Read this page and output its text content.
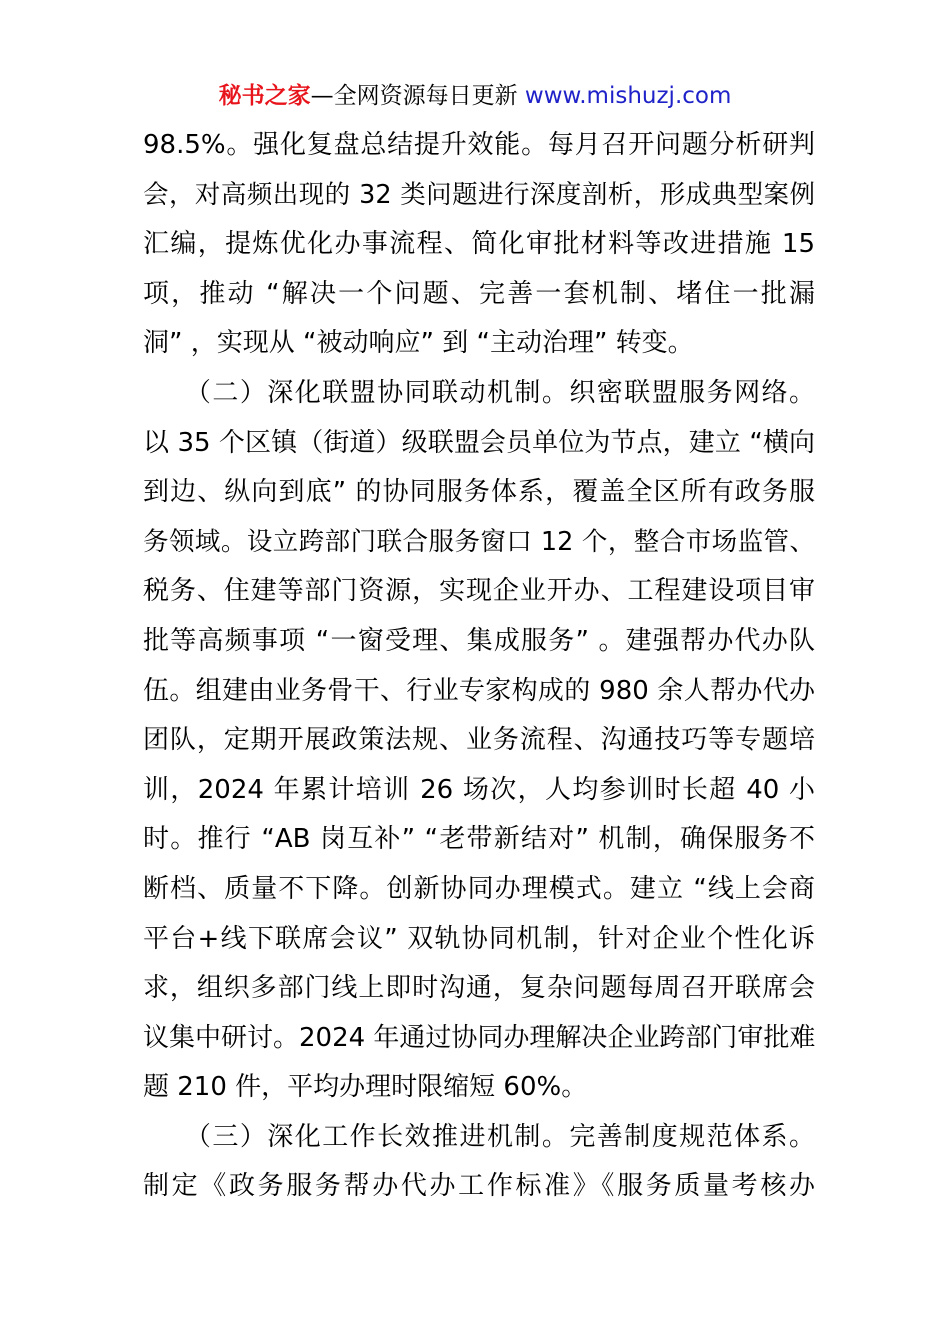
秘书之家—全网资源每日更新 www.mishuzj.com
98.5%。强化复盘总结提升效能。每月召开问题分析研判
会，对高频出现的 32 类问题进行深度剖析，形成典型案例
汇编，提炼优化办事流程、简化审批材料等改进措施 15
项，推动 “解决一个问题、完善一套机制、堵住一批漏
洞” ，实现从 “被动响应” 到 “主动治理” 转变。
　　（二）深化联盟协同联动机制。织密联盟服务网络。
以 35 个区镇（街道）级联盟会员单位为节点，建立 “横向
到边、纵向到底” 的协同服务体系，覆盖全区所有政务服
务领域。设立跨部门联合服务窗口 12 个，整合市场监管、
税务、住建等部门资源，实现企业开办、工程建设项目审
批等高频事项 “一窗受理、集成服务” 。建强帮办代办队
伍。组建由业务骨干、行业专家构成的 980 余人帮办代办
团队，定期开展政策法规、业务流程、沟通技巧等专题培
训，2024 年累计培训 26 场次，人均参训时长超 40 小
时。推行 “AB 岗互补” “老带新结对” 机制，确保服务不
断档、质量不下降。创新协同办理模式。建立 “线上会商
平台+线下联席会议” 双轨协同机制，针对企业个性化诉
求，组织多部门线上即时沟通，复杂问题每周召开联席会
议集中研讨。2024 年通过协同办理解决企业跨部门审批难
题 210 件，平均办理时限缩短 60%。
　　（三）深化工作长效推进机制。完善制度规范体系。
制定《政务服务帮办代办工作标准》《服务质量考核办
